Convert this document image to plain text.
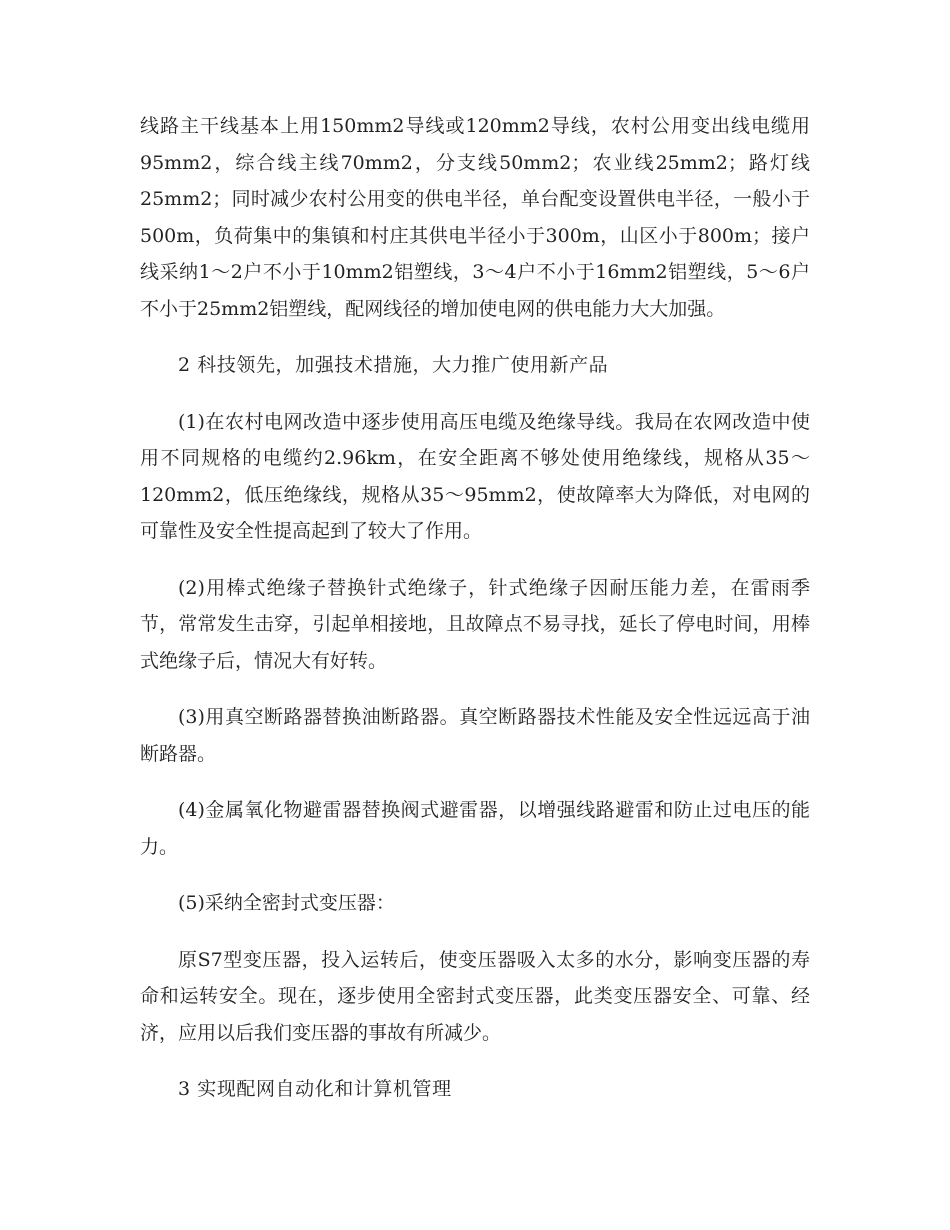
线路主干线基本上用150mm2导线或120mm2导线，农村公用变出线电缆用95mm2，综合线主线70mm2，分支线50mm2；农业线25mm2；路灯线25mm2；同时减少农村公用变的供电半径，单台配变设置供电半径，一般小于500m，负荷集中的集镇和村庄其供电半径小于300m，山区小于800m；接户线采纳1～2户不小于10mm2铝塑线，3～4户不小于16mm2铝塑线，5～6户不小于25mm2铝塑线，配网线径的增加使电网的供电能力大大加强。

2 科技领先，加强技术措施，大力推广使用新产品

(1)在农村电网改造中逐步使用高压电缆及绝缘导线。我局在农网改造中使用不同规格的电缆约2.96km，在安全距离不够处使用绝缘线，规格从35～120mm2，低压绝缘线，规格从35～95mm2，使故障率大为降低，对电网的可靠性及安全性提高起到了较大了作用。

(2)用棒式绝缘子替换针式绝缘子，针式绝缘子因耐压能力差，在雷雨季节，常常发生击穿，引起单相接地，且故障点不易寻找，延长了停电时间，用棒式绝缘子后，情况大有好转。

(3)用真空断路器替换油断路器。真空断路器技术性能及安全性远远高于油断路器。

(4)金属氧化物避雷器替换阀式避雷器，以增强线路避雷和防止过电压的能力。

(5)采纳全密封式变压器：

原S7型变压器，投入运转后，使变压器吸入太多的水分，影响变压器的寿命和运转安全。现在，逐步使用全密封式变压器，此类变压器安全、可靠、经济，应用以后我们变压器的事故有所减少。

3 实现配网自动化和计算机管理
